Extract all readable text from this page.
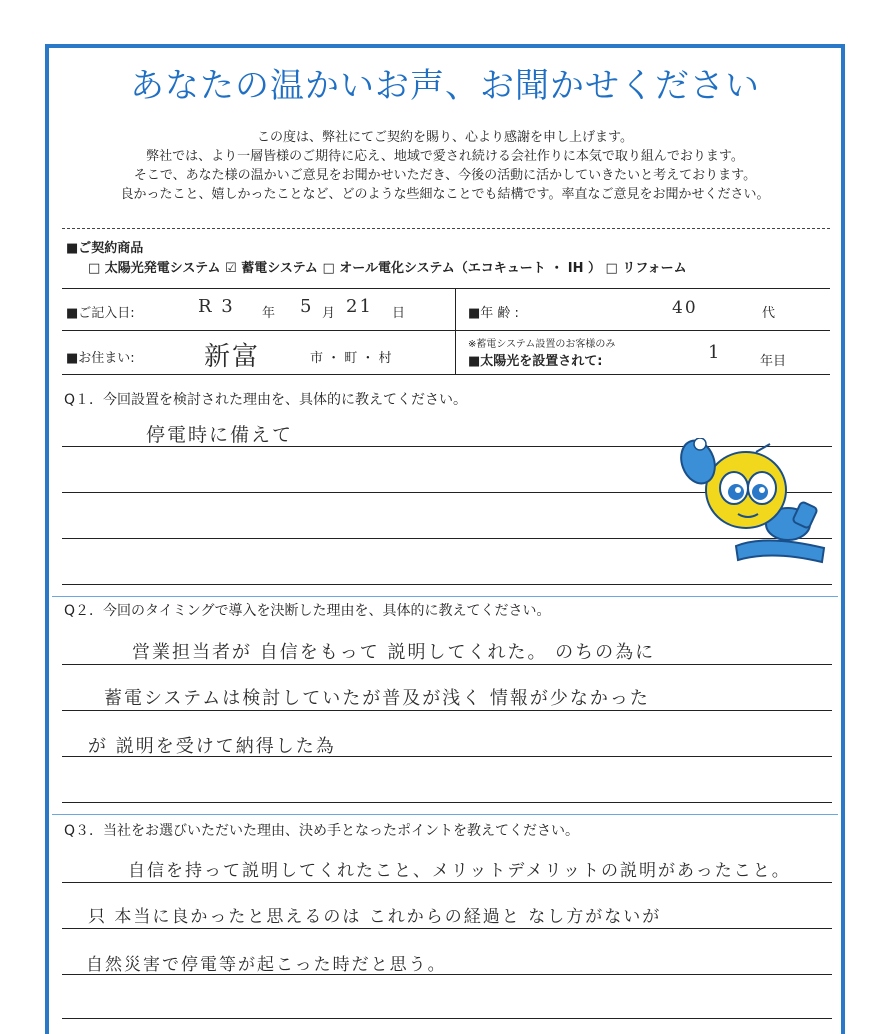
あなたの温かいお声、お聞かせください
この度は、弊社にてご契約を賜り、心より感謝を申し上げます。
弊社では、より一層皆様のご期待に応え、地域で愛され続ける会社作りに本気で取り組んでおります。
そこで、あなた様の温かいご意見をお聞かせいただき、今後の活動に活かしていきたいと考えております。
良かったこと、嬉しかったことなど、どのような些細なことでも結構です。率直なご意見をお聞かせください。
■ご契約商品
□ 太陽光発電システム ☑ 蓄電システム □ オール電化システム（エコキュート ・ IH ） □ リフォーム
■ご記入日:	R 3 年 5 月 21 日	■年 齢 :	40	代
■お住まい:	新富	市 ・ 町 ・ 村
※蓄電システム設置のお客様のみ
■太陽光を設置されて:	1	年目
Q１．今回設置を検討された理由を、具体的に教えてください。
停電時に備えて
Q２．今回のタイミングで導入を決断した理由を、具体的に教えてください。
営業担当者が 自信をもって 説明してくれた。 のちの為に
蓄電システムは検討していたが普及が浅く 情報が少なかった
が 説明を受けて納得した為
Q３．当社をお選びいただいた理由、決め手となったポイントを教えてください。
自信を持って説明してくれたこと、メリットデメリットの説明があったこと。
只 本当に良かったと思えるのは これからの経過と なし方がないが
自然災害で停電等が起こった時だと思う。
